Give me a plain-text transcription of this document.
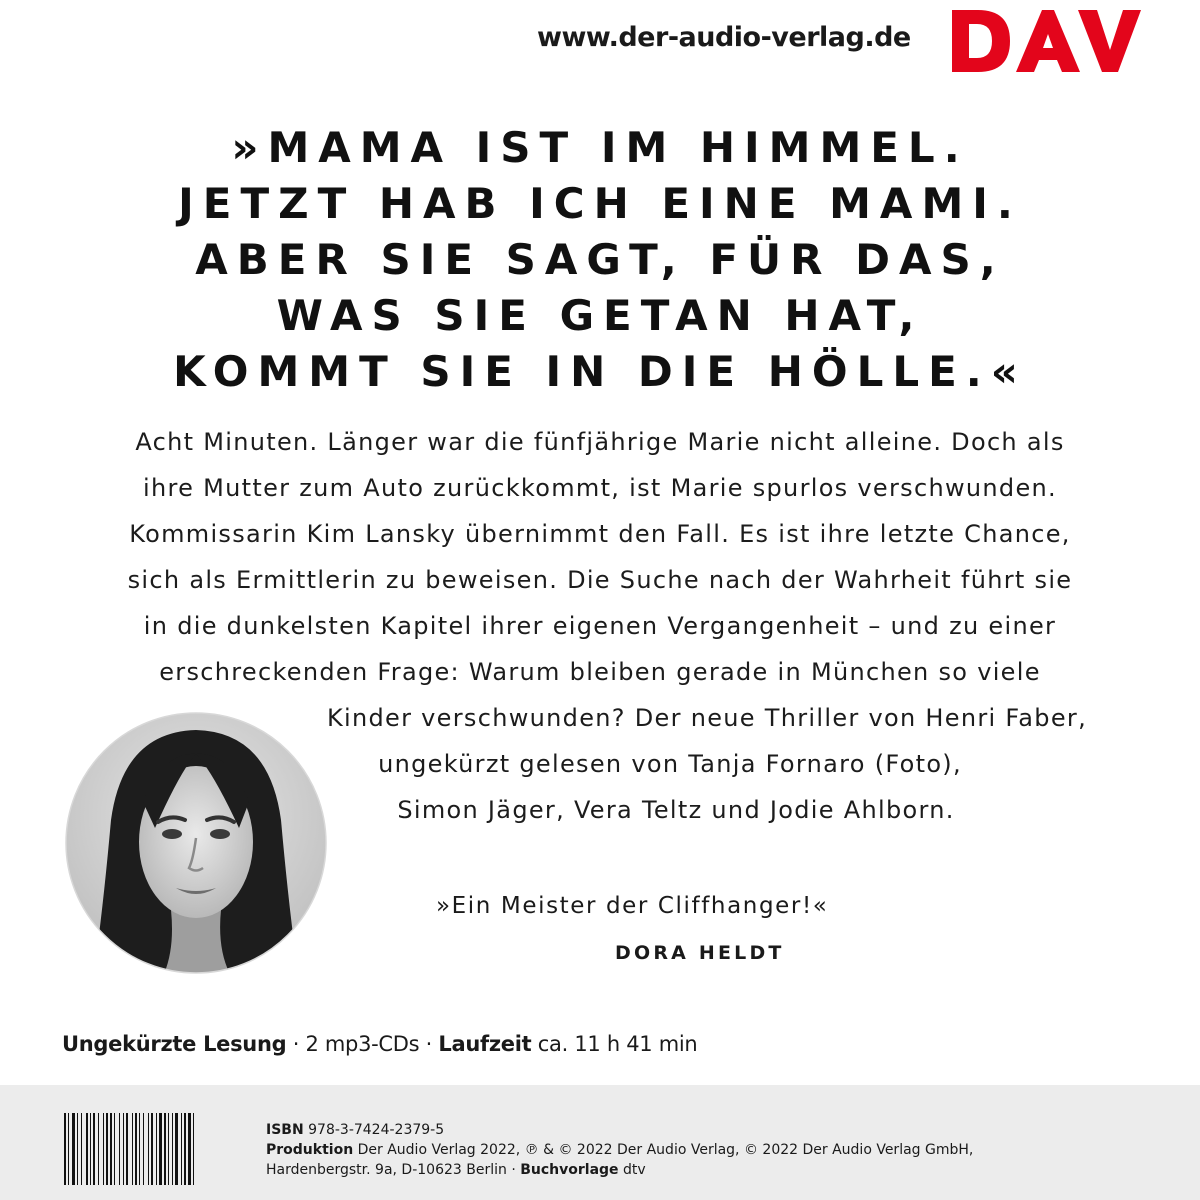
www.der-audio-verlag.de
»MAMA IST IM HIMMEL.
JETZT HAB ICH EINE MAMI.
ABER SIE SAGT, FÜR DAS,
WAS SIE GETAN HAT,
KOMMT SIE IN DIE HÖLLE.«
Acht Minuten. Länger war die fünfjährige Marie nicht alleine. Doch als
ihre Mutter zum Auto zurückkommt, ist Marie spurlos verschwunden.
Kommissarin Kim Lansky übernimmt den Fall. Es ist ihre letzte Chance,
sich als Ermittlerin zu beweisen. Die Suche nach der Wahrheit führt sie
in die dunkelsten Kapitel ihrer eigenen Vergangenheit – und zu einer
erschreckenden Frage: Warum bleiben gerade in München so viele
Kinder verschwunden? Der neue Thriller von Henri Faber,
ungekürzt gelesen von Tanja Fornaro (Foto),
Simon Jäger, Vera Teltz und Jodie Ahlborn.
»Ein Meister der Cliffhanger!«
DORA HELDT
Ungekürzte Lesung · 2 mp3-CDs · Laufzeit ca. 11 h 41 min
ISBN 978-3-7424-2379-5
Produktion Der Audio Verlag 2022, ℗ & © 2022 Der Audio Verlag, © 2022 Der Audio Verlag GmbH,
Hardenbergstr. 9a, D-10623 Berlin · Buchvorlage dtv
